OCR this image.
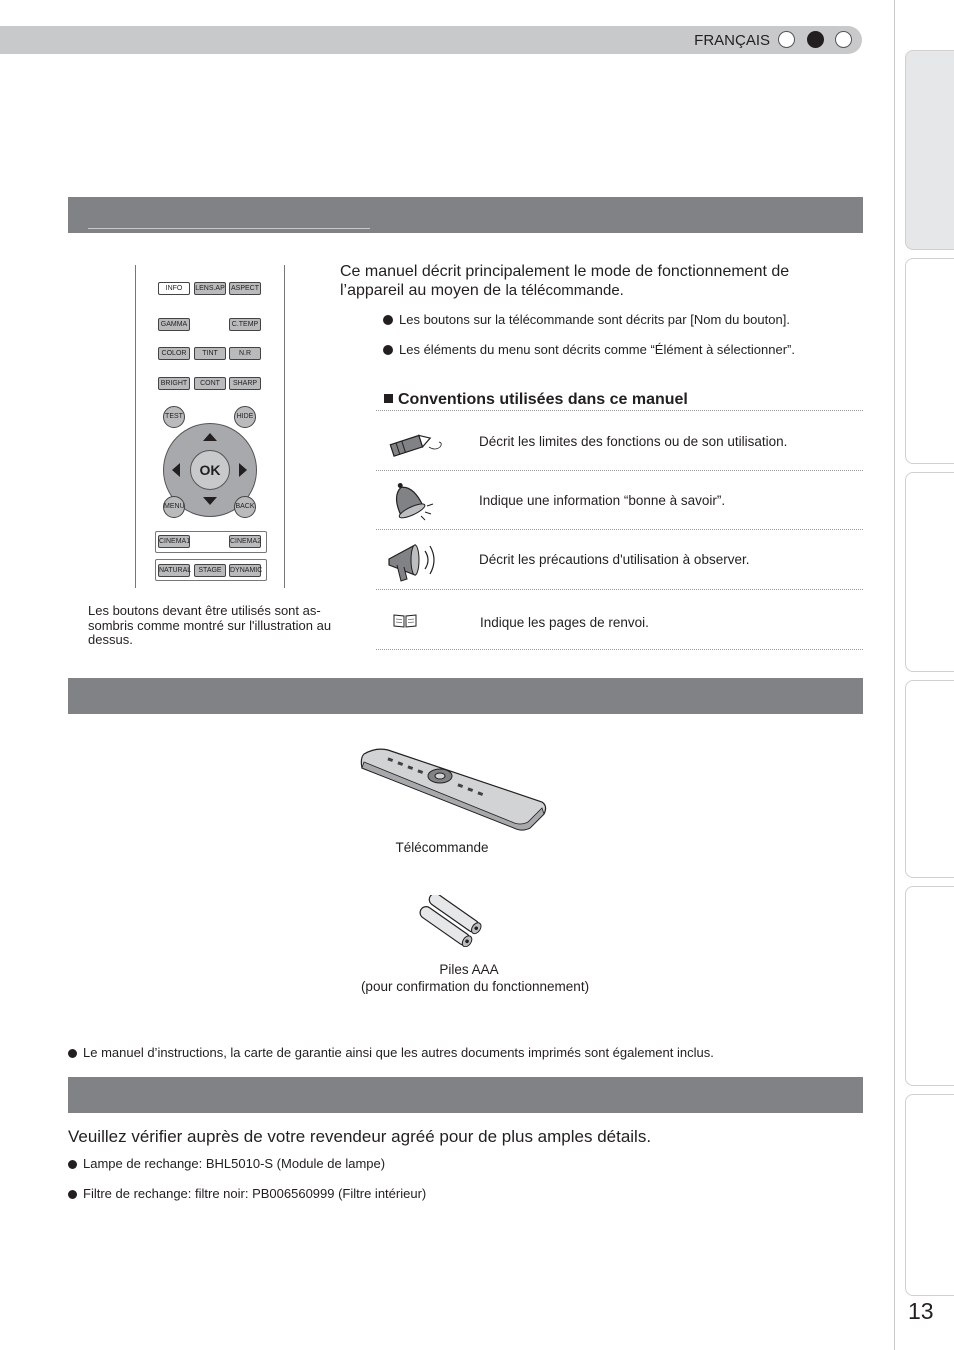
FRANÇAIS
13
INFO	LENS.AP ASPECT
GAMMA	C.TEMP
COLOR	TINT	N.R
BRIGHT	CONT	SHARP
TEST	HIDE
OK
MENU	BACK
CINEMA1	CINEMA2
NATURAL	STAGE	DYNAMIC
Les boutons devant être utilisés sont as-sombris comme montré sur l'illustration au dessus.
Ce manuel décrit principalement le mode de fonctionnement de
l’appareil au moyen de la télécommande.
Les boutons sur la télécommande sont décrits par [Nom du bouton].
Les éléments du menu sont décrits comme “Élément à sélectionner”.
Conventions utilisées dans ce manuel
Décrit les limites des fonctions ou de son utilisation.
Indique une information “bonne à savoir”.
Décrit les précautions d'utilisation à observer.
Indique les pages de renvoi.
Télécommande
Piles AAA
(pour confirmation du fonctionnement)
Le manuel d’instructions, la carte de garantie ainsi que les autres documents imprimés sont également inclus.
Veuillez vérifier auprès de votre revendeur agréé pour de plus amples détails.
Lampe de rechange: BHL5010-S (Module de lampe)
Filtre de rechange: filtre noir: PB006560999 (Filtre intérieur)
